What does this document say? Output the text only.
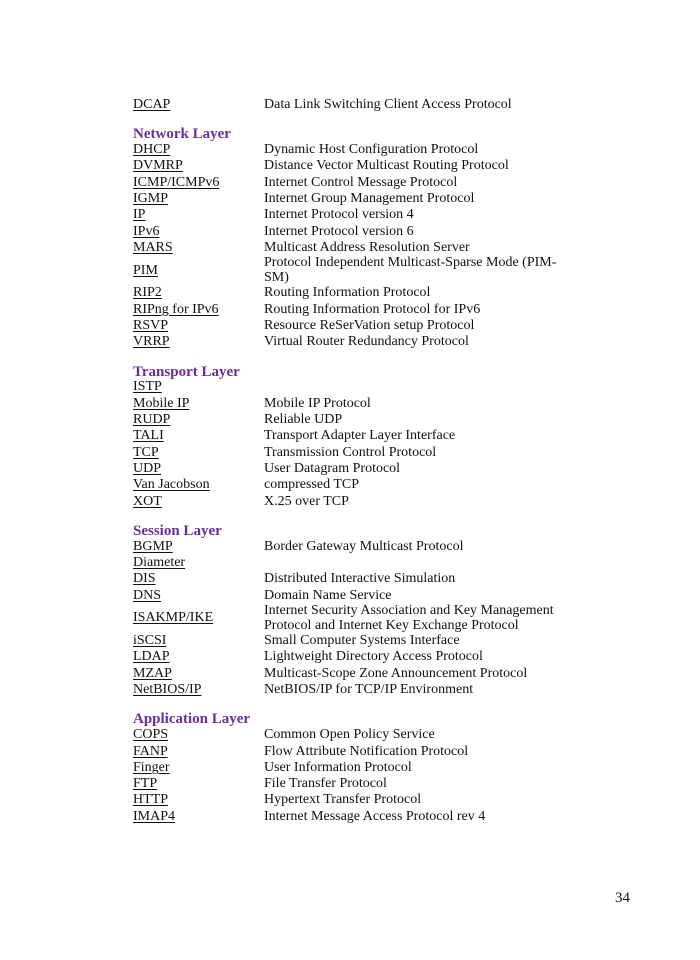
DCAP	Data Link Switching Client Access Protocol
Network Layer
DHCP	Dynamic Host Configuration Protocol
DVMRP	Distance Vector Multicast Routing Protocol
ICMP/ICMPv6	Internet Control Message Protocol
IGMP	Internet Group Management Protocol
IP	Internet Protocol version 4
IPv6	Internet Protocol version 6
MARS	Multicast Address Resolution Server
PIM	Protocol Independent Multicast-Sparse Mode (PIM-SM)
RIP2	Routing Information Protocol
RIPng for IPv6	Routing Information Protocol for IPv6
RSVP	Resource ReSerVation setup Protocol
VRRP	Virtual Router Redundancy Protocol
Transport Layer
ISTP
Mobile IP	Mobile IP Protocol
RUDP	Reliable UDP
TALI	Transport Adapter Layer Interface
TCP	Transmission Control Protocol
UDP	User Datagram Protocol
Van Jacobson	compressed TCP
XOT	X.25 over TCP
Session Layer
BGMP	Border Gateway Multicast Protocol
Diameter
DIS	Distributed Interactive Simulation
DNS	Domain Name Service
ISAKMP/IKE	Internet Security Association and Key Management Protocol and Internet Key Exchange Protocol
iSCSI	Small Computer Systems Interface
LDAP	Lightweight Directory Access Protocol
MZAP	Multicast-Scope Zone Announcement Protocol
NetBIOS/IP	NetBIOS/IP for TCP/IP Environment
Application Layer
COPS	Common Open Policy Service
FANP	Flow Attribute Notification Protocol
Finger	User Information Protocol
FTP	File Transfer Protocol
HTTP	Hypertext Transfer Protocol
IMAP4	Internet Message Access Protocol rev 4
34
